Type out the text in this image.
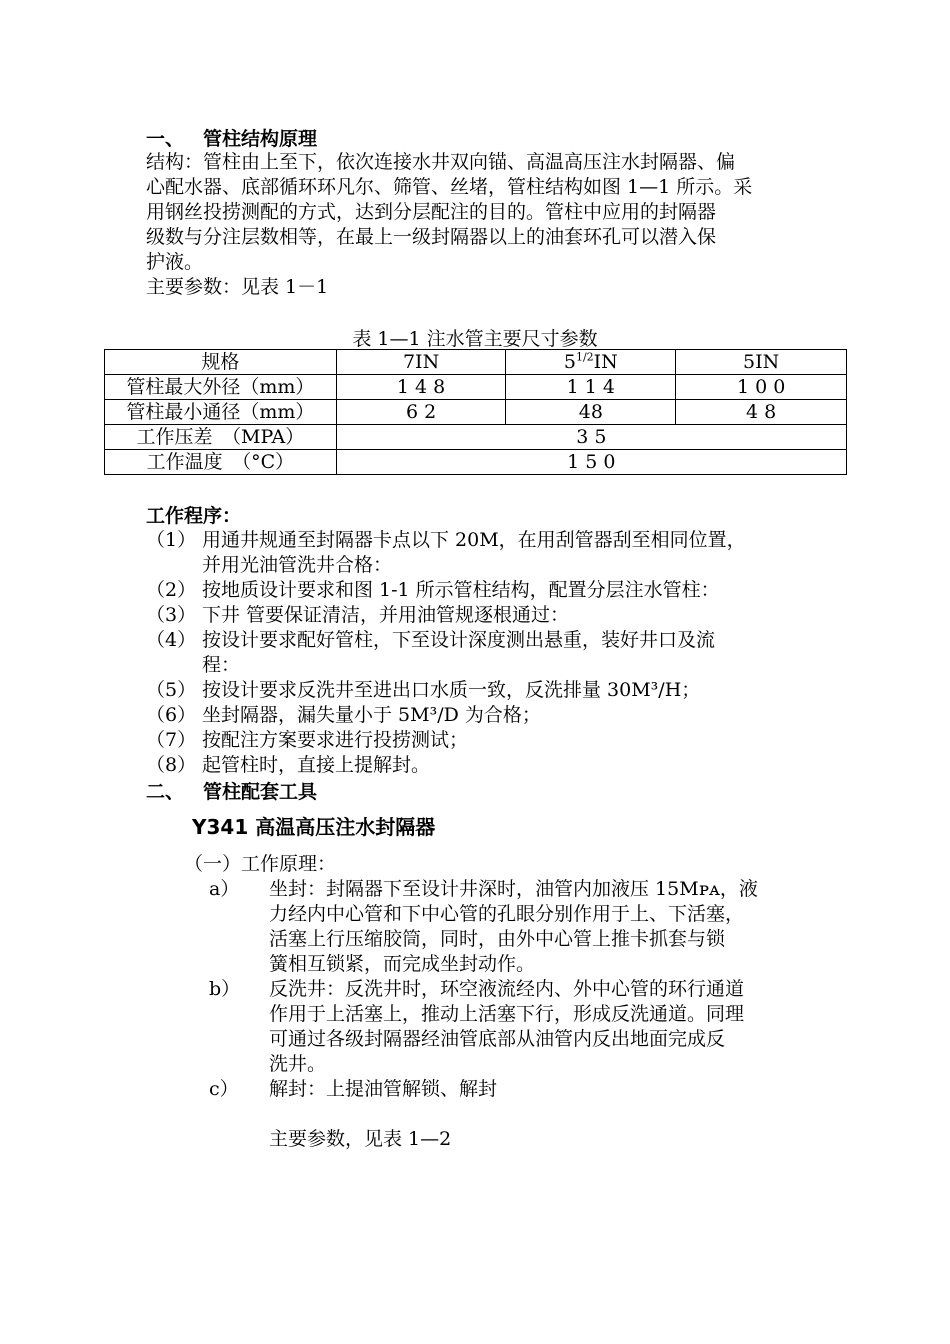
一、 管柱结构原理

结构：管柱由上至下，依次连接水井双向锚、高温高压注水封隔器、偏

心配水器、底部循环环凡尔、筛管、丝堵，管柱结构如图 1—1 所示。采

用钢丝投捞测配的方式，达到分层配注的目的。管柱中应用的封隔器

级数与分注层数相等，在最上一级封隔器以上的油套环孔可以潜入保

护液。

主要参数：见表 1－1
表 1—1 注水管主要尺寸参数
规格	7IN	$5^{1/2}IN$	5IN
管柱最大外径（mm）	1 4 8	1 1 4	1 0 0
管柱最小通径（mm）	6 2	48	4 8
工作压差　（MPA）	3 5		
工作温度　（°C）	1 5 0		
工作程序：
（1） 用通井规通至封隔器卡点以下 20M，在用刮管器刮至相同位置，
并用光油管洗井合格：
（2） 按地质设计要求和图 1-1 所示管柱结构，配置分层注水管柱：
（3） 下井 管要保证清洁，并用油管规逐根通过：
（4） 按设计要求配好管柱，下至设计深度测出悬重，装好井口及流
程：
（5） 按设计要求反洗井至进出口水质一致，反洗排量 30M³/H；
（6） 坐封隔器，漏失量小于 5M³/D 为合格；
（7） 按配注方案要求进行投捞测试；
（8） 起管柱时，直接上提解封。
二、 管柱配套工具
Y341 高温高压注水封隔器
（一）工作原理：
a）	坐封：封隔器下至设计井深时，油管内加液压 15Mᴘᴀ，液
力经内中心管和下中心管的孔眼分别作用于上、下活塞，
活塞上行压缩胶筒，同时，由外中心管上推卡抓套与锁
簧相互锁紧，而完成坐封动作。
b）	反洗井：反洗井时，环空液流经内、外中心管的环行通道
作用于上活塞上，推动上活塞下行，形成反洗通道。同理
可通过各级封隔器经油管底部从油管内反出地面完成反
洗井。
c）	解封：上提油管解锁、解封
主要参数，见表 1—2
